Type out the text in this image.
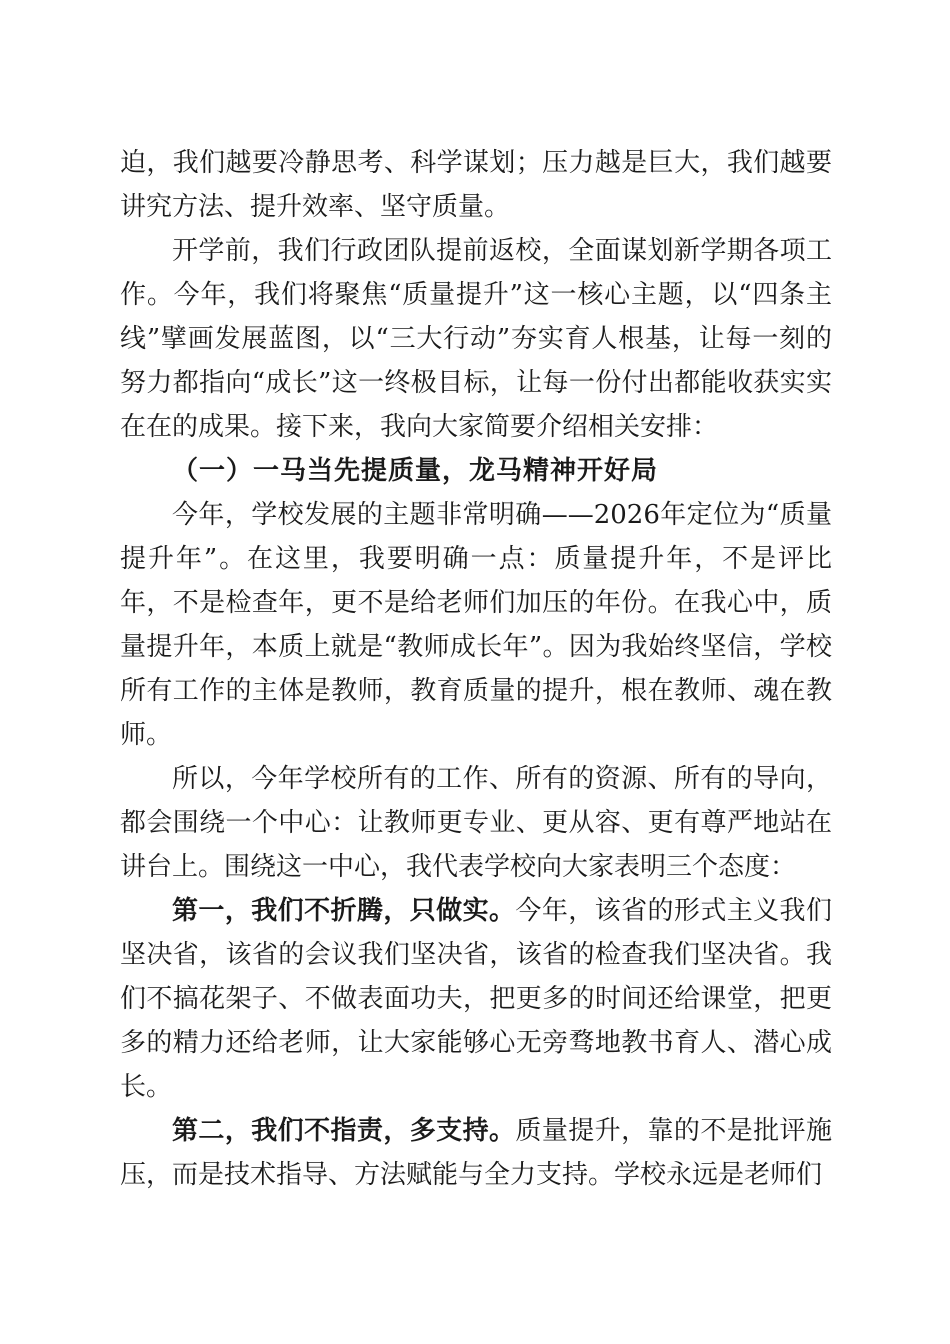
迫，我们越要冷静思考、科学谋划；压力越是巨大，我们越要讲究方法、提升效率、坚守质量。

开学前，我们行政团队提前返校，全面谋划新学期各项工作。今年，我们将聚焦“质量提升”这一核心主题，以“四条主线”擘画发展蓝图，以“三大行动”夯实育人根基，让每一刻的努力都指向“成长”这一终极目标，让每一份付出都能收获实实在在的成果。接下来，我向大家简要介绍相关安排：

（一）一马当先提质量，龙马精神开好局

今年，学校发展的主题非常明确——2026年定位为“质量提升年”。在这里，我要明确一点：质量提升年，不是评比年，不是检查年，更不是给老师们加压的年份。在我心中，质量提升年，本质上就是“教师成长年”。因为我始终坚信，学校所有工作的主体是教师，教育质量的提升，根在教师、魂在教师。

所以，今年学校所有的工作、所有的资源、所有的导向，都会围绕一个中心：让教师更专业、更从容、更有尊严地站在讲台上。围绕这一中心，我代表学校向大家表明三个态度：

第一，我们不折腾，只做实。今年，该省的形式主义我们坚决省，该省的会议我们坚决省，该省的检查我们坚决省。我们不搞花架子、不做表面功夫，把更多的时间还给课堂，把更多的精力还给老师，让大家能够心无旁骛地教书育人、潜心成长。

第二，我们不指责，多支持。质量提升，靠的不是批评施压，而是技术指导、方法赋能与全力支持。学校永远是老师们
